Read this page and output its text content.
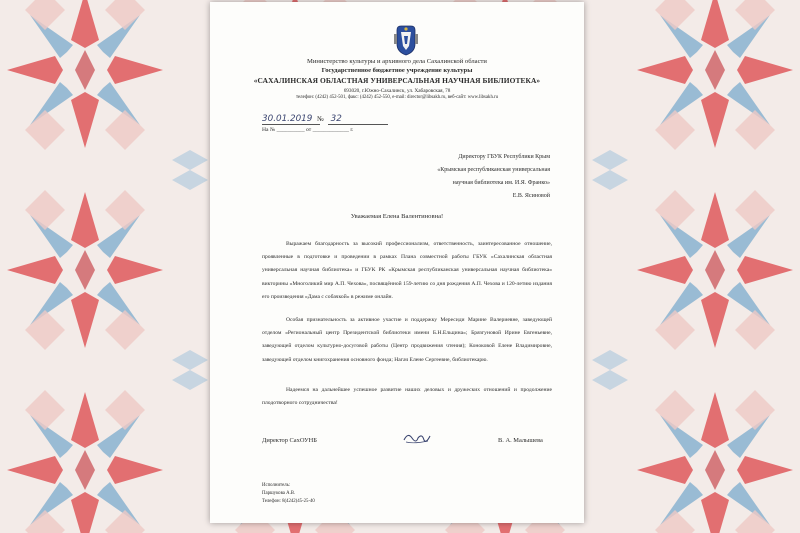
Министерство культуры и архивного дела Сахалинской области
Государственное бюджетное учреждение культуры
«САХАЛИНСКАЯ ОБЛАСТНАЯ УНИВЕРСАЛЬНАЯ НАУЧНАЯ БИБЛИОТЕКА»
693020, г.Южно-Сахалинск, ул. Хабаровская, 78
телефон: (4242) 452-501, факс: (4242) 452-550, e-mail: director@libsakh.ru, веб-сайт: www.libsakh.ru
30.01.2019 № 32
На № __________ от _____________ г.
Директору ГБУК Республики Крым
«Крымская республиканская универсальная
научная библиотека им. И.Я. Франко»
Е.В. Ясиновой
Уважаемая Елена Валентиновна!
Выражаем благодарность за высокий профессионализм, ответственность, заинтересованное отношение, проявленные в подготовке и проведении в рамках Плана совместной работы ГБУК «Сахалинская областная универсальная научная библиотека» и ГБУК РК «Крымская республиканская универсальная научная библиотека» викторины «Многоликий мир А.П. Чехова», посвящённой 159-летию со дня рождения А.П. Чехова и 120-летию издания его произведения «Дама с собачкой» в режиме онлайн.
Особая признательность за активное участие и поддержку Мересиди Марине Валериевне, заведующей отделом «Региональный центр Президентской библиотеки имени Б.Н.Ельцина»; Брязгуновой Ирине Евгеньевне, заведующей отделом культурно-досуговой работы (Центр продвижения чтения); Коноковой Елене Владимировне, заведующей отделом книгохранения основного фонда; Нагач Елене Сергеевне, библиотекарю.
Надеемся на дальнейшее успешное развитие наших деловых и дружеских отношений и продолжение плодотворного сотрудничества!
Директор СахОУНБ	В. А. Малышева
Исполнитель:
Паршукова А.В.
Телефон: 8(4242)45-25-40
